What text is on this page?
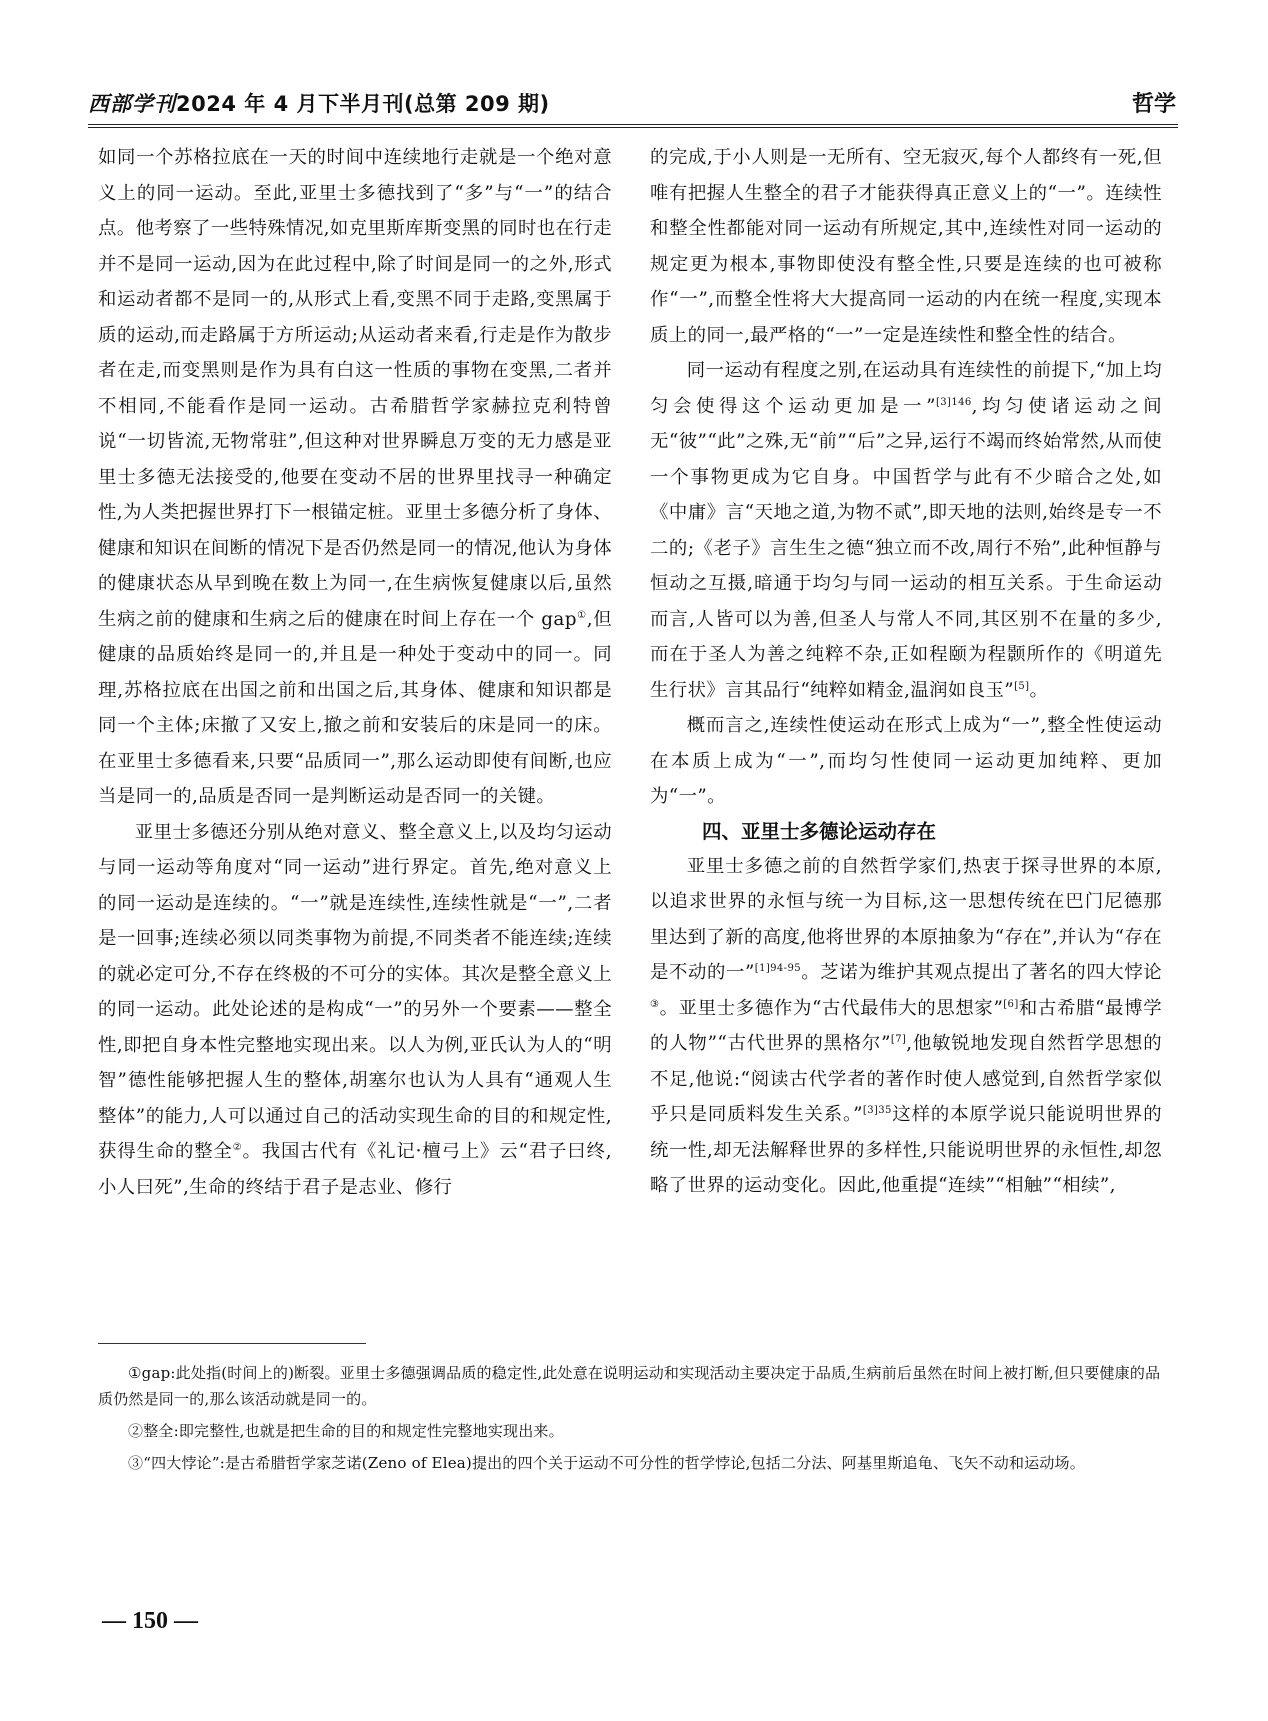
西部学刊2024 年 4 月下半月刊(总第 209 期)	哲学

如同一个苏格拉底在一天的时间中连续地行走就是一个绝对意义上的同一运动。至此,亚里士多德找到了“多”与“一”的结合点。他考察了一些特殊情况,如克里斯库斯变黑的同时也在行走并不是同一运动,因为在此过程中,除了时间是同一的之外,形式和运动者都不是同一的,从形式上看,变黑不同于走路,变黑属于质的运动,而走路属于方所运动;从运动者来看,行走是作为散步者在走,而变黑则是作为具有白这一性质的事物在变黑,二者并不相同,不能看作是同一运动。古希腊哲学家赫拉克利特曾说“一切皆流,无物常驻”,但这种对世界瞬息万变的无力感是亚里士多德无法接受的,他要在变动不居的世界里找寻一种确定性,为人类把握世界打下一根锚定桩。亚里士多德分析了身体、健康和知识在间断的情况下是否仍然是同一的情况,他认为身体的健康状态从早到晚在数上为同一,在生病恢复健康以后,虽然生病之前的健康和生病之后的健康在时间上存在一个 gap①,但健康的品质始终是同一的,并且是一种处于变动中的同一。同理,苏格拉底在出国之前和出国之后,其身体、健康和知识都是同一个主体;床撤了又安上,撤之前和安装后的床是同一的床。在亚里士多德看来,只要“品质同一”,那么运动即使有间断,也应当是同一的,品质是否同一是判断运动是否同一的关键。

亚里士多德还分别从绝对意义、整全意义上,以及均匀运动与同一运动等角度对“同一运动”进行界定。首先,绝对意义上的同一运动是连续的。“一”就是连续性,连续性就是“一”,二者是一回事;连续必须以同类事物为前提,不同类者不能连续;连续的就必定可分,不存在终极的不可分的实体。其次是整全意义上的同一运动。此处论述的是构成“一”的另外一个要素——整全性,即把自身本性完整地实现出来。以人为例,亚氏认为人的“明智”德性能够把握人生的整体,胡塞尔也认为人具有“通观人生整体”的能力,人可以通过自己的活动实现生命的目的和规定性,获得生命的整全②。我国古代有《礼记·檀弓上》云“君子曰终,小人曰死”,生命的终结于君子是志业、修行

的完成,于小人则是一无所有、空无寂灭,每个人都终有一死,但唯有把握人生整全的君子才能获得真正意义上的“一”。连续性和整全性都能对同一运动有所规定,其中,连续性对同一运动的规定更为根本,事物即使没有整全性,只要是连续的也可被称作“一”,而整全性将大大提高同一运动的内在统一程度,实现本质上的同一,最严格的“一”一定是连续性和整全性的结合。

同一运动有程度之别,在运动具有连续性的前提下,“加上均匀会使得这个运动更加是一”$^{[3]146}$,均匀使诸运动之间无“彼”“此”之殊,无“前”“后”之异,运行不竭而终始常然,从而使一个事物更成为它自身。中国哲学与此有不少暗合之处,如《中庸》言“天地之道,为物不贰”,即天地的法则,始终是专一不二的;《老子》言生生之德“独立而不改,周行不殆”,此种恒静与恒动之互摄,暗通于均匀与同一运动的相互关系。于生命运动而言,人皆可以为善,但圣人与常人不同,其区别不在量的多少,而在于圣人为善之纯粹不杂,正如程颐为程颢所作的《明道先生行状》言其品行“纯粹如精金,温润如良玉”[5]。

概而言之,连续性使运动在形式上成为“一”,整全性使运动在本质上成为“一”,而均匀性使同一运动更加纯粹、更加为“一”。

四、亚里士多德论运动存在

亚里士多德之前的自然哲学家们,热衷于探寻世界的本原,以追求世界的永恒与统一为目标,这一思想传统在巴门尼德那里达到了新的高度,他将世界的本原抽象为“存在”,并认为“存在是不动的一”$^{[1]94-95}$。芝诺为维护其观点提出了著名的四大悖论③。亚里士多德作为“古代最伟大的思想家”[6]和古希腊“最博学的人物”“古代世界的黑格尔”[7],他敏锐地发现自然哲学思想的不足,他说:“阅读古代学者的著作时使人感觉到,自然哲学家似乎只是同质料发生关系。”$^{[3]35}$这样的本原学说只能说明世界的统一性,却无法解释世界的多样性,只能说明世界的永恒性,却忽略了世界的运动变化。因此,他重提“连续”“相触”“相续”,

①gap:此处指(时间上的)断裂。亚里士多德强调品质的稳定性,此处意在说明运动和实现活动主要决定于品质,生病前后虽然在时间上被打断,但只要健康的品质仍然是同一的,那么该活动就是同一的。

②整全:即完整性,也就是把生命的目的和规定性完整地实现出来。

③“四大悖论”:是古希腊哲学家芝诺(Zeno of Elea)提出的四个关于运动不可分性的哲学悖论,包括二分法、阿基里斯追龟、飞矢不动和运动场。

— 150 —
